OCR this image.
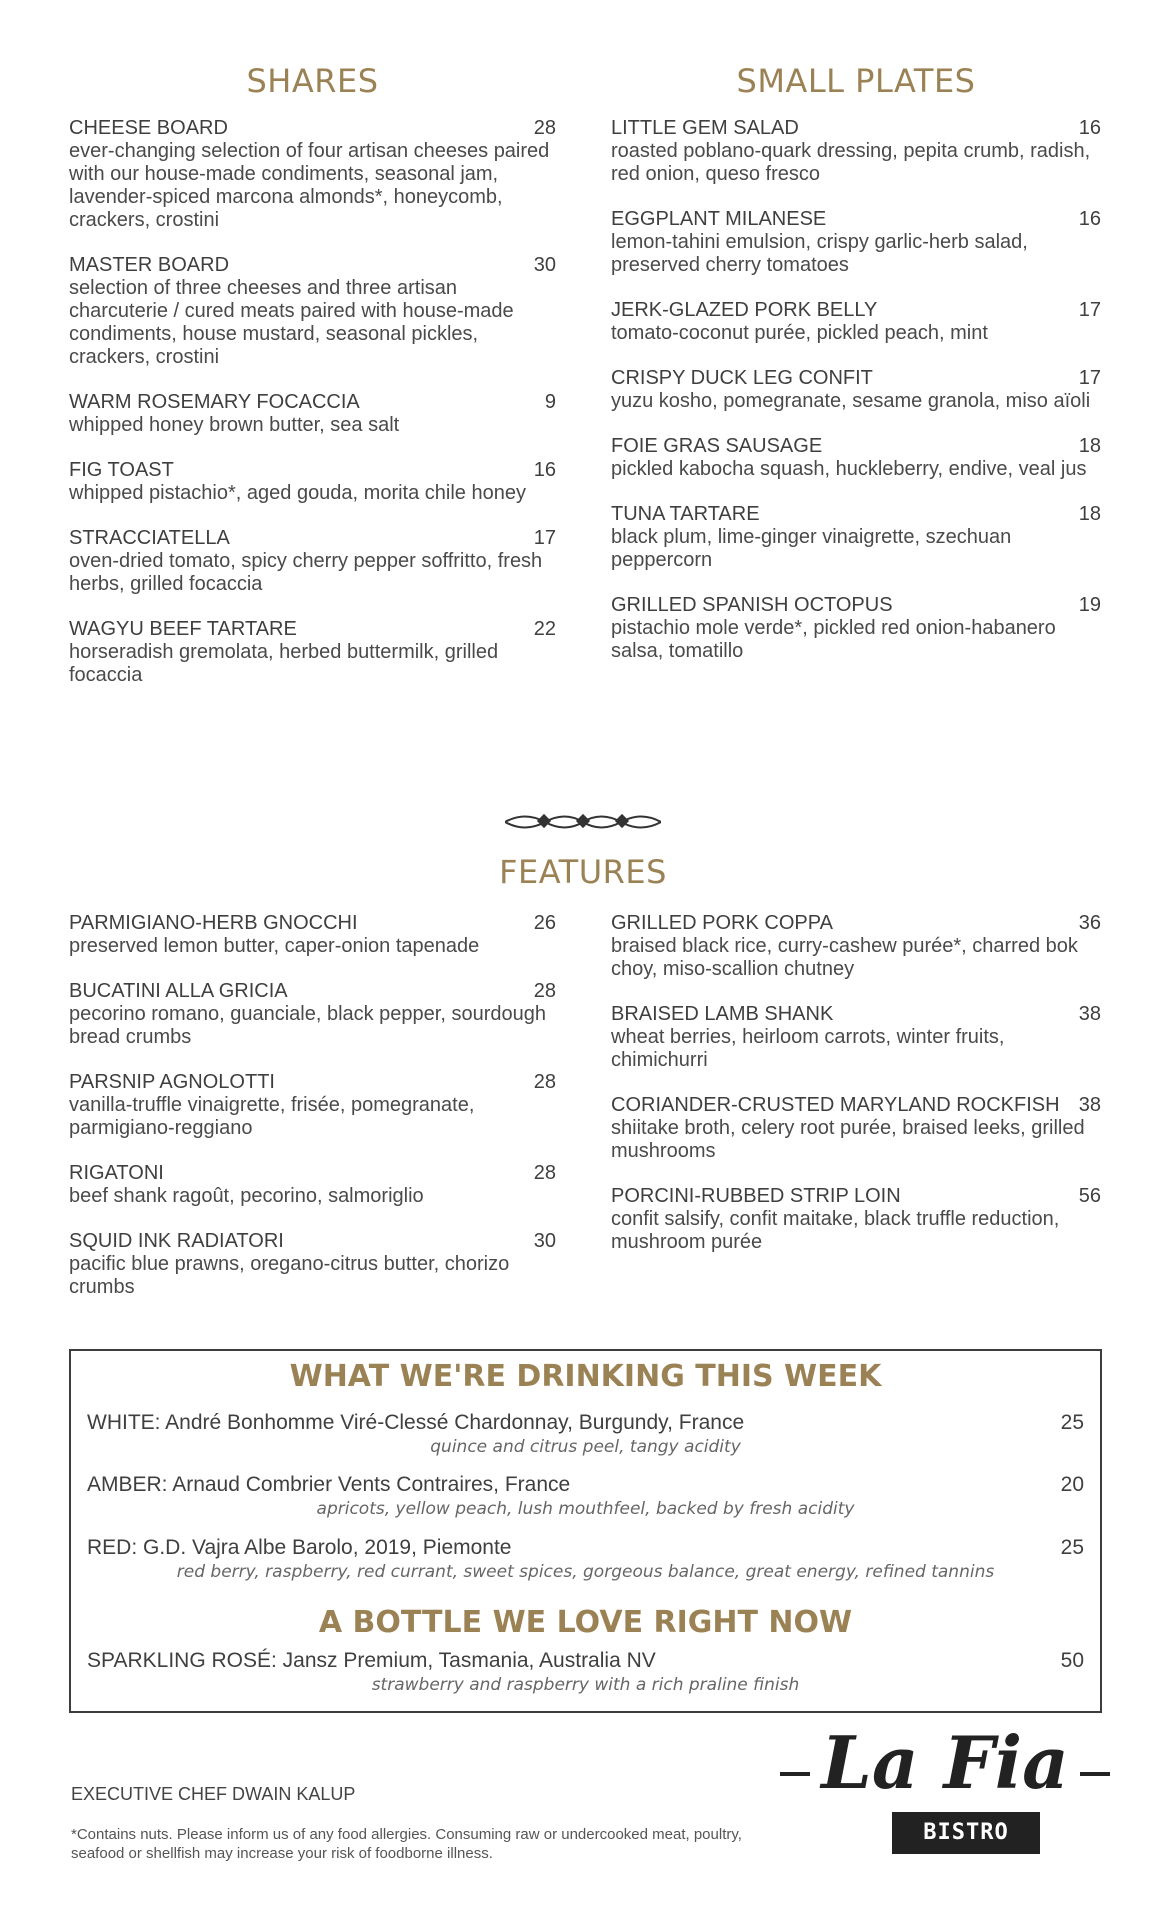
SHARES
CHEESE BOARD	28
ever-changing selection of four artisan cheeses paired with our house-made condiments, seasonal jam, lavender-spiced marcona almonds*, honeycomb, crackers, crostini
MASTER BOARD	30
selection of three cheeses and three artisan charcuterie / cured meats paired with house-made condiments, house mustard, seasonal pickles, crackers, crostini
WARM ROSEMARY FOCACCIA	9
whipped honey brown butter, sea salt
FIG TOAST	16
whipped pistachio*, aged gouda, morita chile honey
STRACCIATELLA	17
oven-dried tomato, spicy cherry pepper soffritto, fresh herbs, grilled focaccia
WAGYU BEEF TARTARE	22
horseradish gremolata, herbed buttermilk, grilled focaccia
SMALL PLATES
LITTLE GEM SALAD	16
roasted poblano-quark dressing, pepita crumb, radish, red onion, queso fresco
EGGPLANT MILANESE	16
lemon-tahini emulsion, crispy garlic-herb salad, preserved cherry tomatoes
JERK-GLAZED PORK BELLY	17
tomato-coconut purée, pickled peach, mint
CRISPY DUCK LEG CONFIT	17
yuzu kosho, pomegranate, sesame granola, miso aïoli
FOIE GRAS SAUSAGE	18
pickled kabocha squash, huckleberry, endive, veal jus
TUNA TARTARE	18
black plum, lime-ginger vinaigrette, szechuan peppercorn
GRILLED SPANISH OCTOPUS	19
pistachio mole verde*, pickled red onion-habanero salsa, tomatillo
FEATURES
PARMIGIANO-HERB GNOCCHI	26
preserved lemon butter, caper-onion tapenade
BUCATINI ALLA GRICIA	28
pecorino romano, guanciale, black pepper, sourdough bread crumbs
PARSNIP AGNOLOTTI	28
vanilla-truffle vinaigrette, frisée, pomegranate, parmigiano-reggiano
RIGATONI	28
beef shank ragoût, pecorino, salmoriglio
SQUID INK RADIATORI	30
pacific blue prawns, oregano-citrus butter, chorizo crumbs
GRILLED PORK COPPA	36
braised black rice, curry-cashew purée*, charred bok choy, miso-scallion chutney
BRAISED LAMB SHANK	38
wheat berries, heirloom carrots, winter fruits, chimichurri
CORIANDER-CRUSTED MARYLAND ROCKFISH 38
shiitake broth, celery root purée, braised leeks, grilled mushrooms
PORCINI-RUBBED STRIP LOIN	56
confit salsify, confit maitake, black truffle reduction, mushroom purée
WHAT WE'RE DRINKING THIS WEEK
WHITE: André Bonhomme Viré-Clessé Chardonnay, Burgundy, France	25
quince and citrus peel, tangy acidity
AMBER: Arnaud Combrier Vents Contraires, France	20
apricots, yellow peach, lush mouthfeel, backed by fresh acidity
RED: G.D. Vajra Albe Barolo, 2019, Piemonte	25
red berry, raspberry, red currant, sweet spices, gorgeous balance, great energy, refined tannins
A BOTTLE WE LOVE RIGHT NOW
SPARKLING ROSÉ: Jansz Premium, Tasmania, Australia NV	50
strawberry and raspberry with a rich praline finish
EXECUTIVE CHEF DWAIN KALUP
*Contains nuts. Please inform us of any food allergies. Consuming raw or undercooked meat, poultry, seafood or shellfish may increase your risk of foodborne illness.
La Fia
BISTRO
